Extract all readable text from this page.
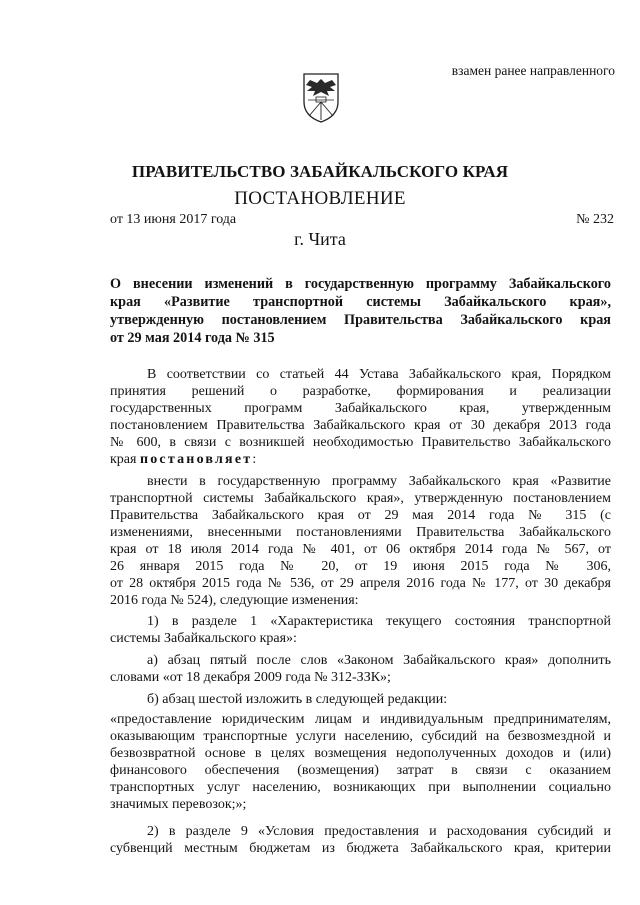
взамен ранее направленного
ПРАВИТЕЛЬСТВО ЗАБАЙКАЛЬСКОГО КРАЯ
ПОСТАНОВЛЕНИЕ
от 13 июня 2017 года	№ 232
г. Чита
О внесении изменений в государственную программу Забайкальского
края «Развитие транспортной системы Забайкальского края»,
утвержденную постановлением Правительства Забайкальского края
от 29 мая 2014 года № 315
В соответствии со статьей 44 Устава Забайкальского края, Порядком
принятия решений о разработке, формирования и реализации
государственных программ Забайкальского края, утвержденным
постановлением Правительства Забайкальского края от 30 декабря 2013 года
№ 600, в связи с возникшей необходимостью Правительство Забайкальского
края постановляет:
внести в государственную программу Забайкальского края «Развитие
транспортной системы Забайкальского края», утвержденную постановлением
Правительства Забайкальского края от 29 мая 2014 года № 315 (с
изменениями, внесенными постановлениями Правительства Забайкальского
края от 18 июля 2014 года № 401, от 06 октября 2014 года № 567, от
26 января 2015 года № 20, от 19 июня 2015 года № 306,
от 28 октября 2015 года № 536, от 29 апреля 2016 года № 177, от 30 декабря
2016 года № 524), следующие изменения:
1) в разделе 1 «Характеристика текущего состояния транспортной
системы Забайкальского края»:
а) абзац пятый после слов «Законом Забайкальского края» дополнить
словами «от 18 декабря 2009 года № 312-ЗЗК»;
б) абзац шестой изложить в следующей редакции:
«предоставление юридическим лицам и индивидуальным предпринимателям,
оказывающим транспортные услуги населению, субсидий на безвозмездной и
безвозвратной основе в целях возмещения недополученных доходов и (или)
финансового обеспечения (возмещения) затрат в связи с оказанием
транспортных услуг населению, возникающих при выполнении социально
значимых перевозок;»;
2) в разделе 9 «Условия предоставления и расходования субсидий и
субвенций местным бюджетам из бюджета Забайкальского края, критерии
